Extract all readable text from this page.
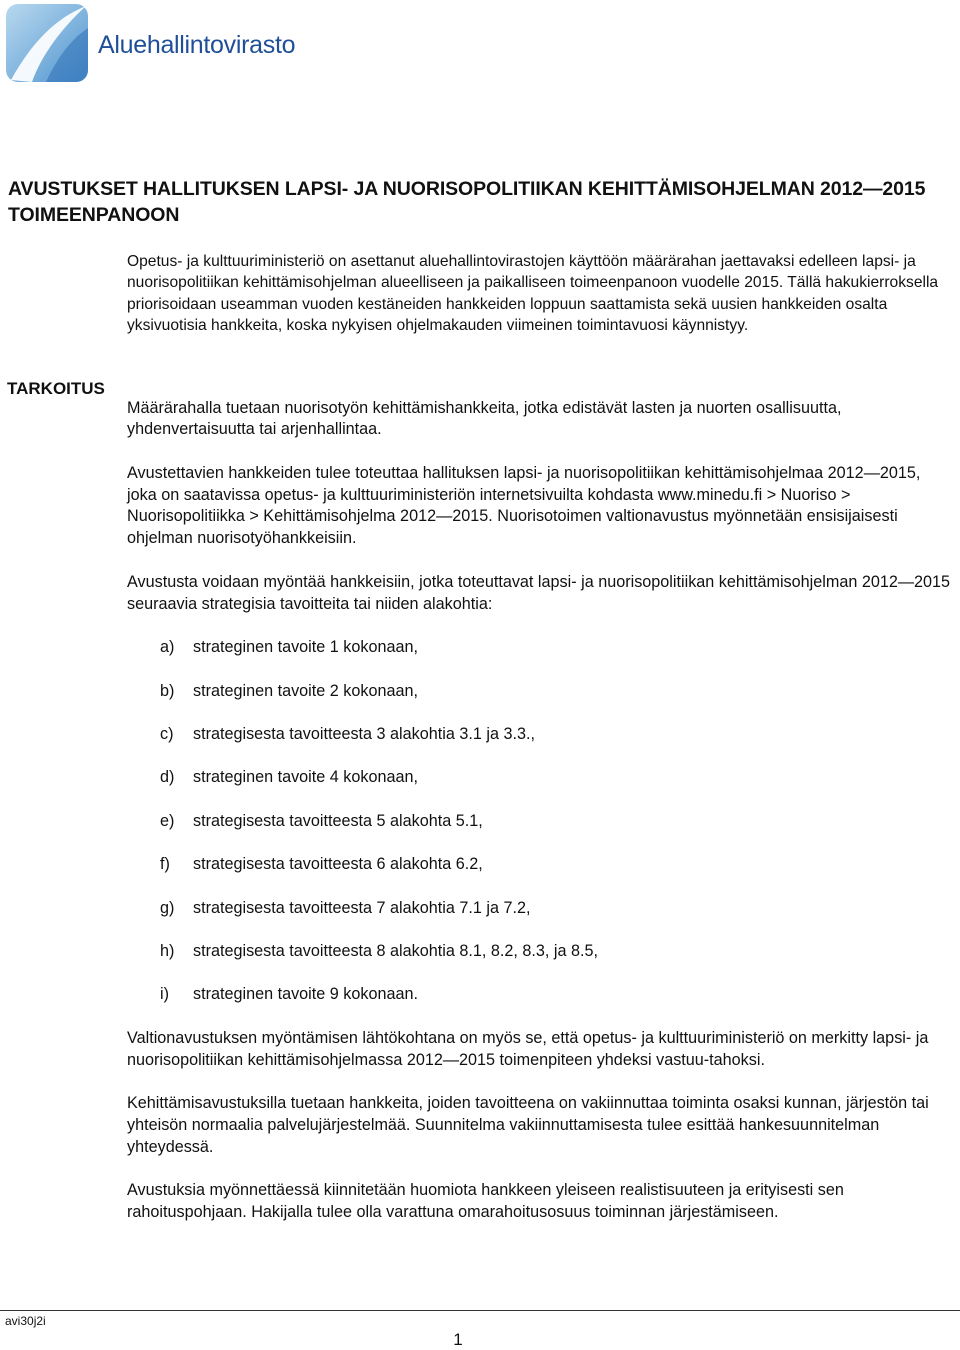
Aluehallintovirasto
AVUSTUKSET HALLITUKSEN LAPSI- JA NUORISOPOLITIIKAN KEHITTÄMISOHJELMAN 2012—2015 TOIMEENPANOON
TARKOITUS

Opetus- ja kulttuuriministeriö on asettanut aluehallintovirastojen käyttöön määrärahan jaettavaksi edelleen lapsi- ja nuorisopolitiikan kehittämisohjelman alueelliseen ja paikalliseen toimeenpanoon vuodelle 2015. Tällä hakukierroksella priorisoidaan useamman vuoden kestäneiden hankkeiden loppuun saattamista sekä uusien hankkeiden osalta yksivuotisia hankkeita, koska nykyisen ohjelmakauden viimeinen toimintavuosi käynnistyy.

Määrärahalla tuetaan nuorisotyön kehittämishankkeita, jotka edistävät lasten ja nuorten osallisuutta, yhdenvertaisuutta tai arjenhallintaa.

Avustettavien hankkeiden tulee toteuttaa hallituksen lapsi- ja nuorisopolitiikan kehittämisohjelmaa 2012—2015, joka on saatavissa opetus- ja kulttuuriministeriön internetsivuilta kohdasta www.minedu.fi > Nuoriso > Nuorisopolitiikka > Kehittämisohjelma 2012—2015. Nuorisotoimen valtionavustus myönnetään ensisijaisesti ohjelman nuorisotyöhankkeisiin.

Avustusta voidaan myöntää hankkeisiin, jotka toteuttavat lapsi- ja nuorisopolitiikan kehittämisohjelman 2012—2015 seuraavia strategisia tavoitteita tai niiden alakohtia:

a) strateginen tavoite 1 kokonaan,
b) strateginen tavoite 2 kokonaan,
c) strategisesta tavoitteesta 3 alakohtia 3.1 ja 3.3.,
d) strateginen tavoite 4 kokonaan,
e) strategisesta tavoitteesta 5 alakohta 5.1,
f) strategisesta tavoitteesta 6 alakohta 6.2,
g) strategisesta tavoitteesta 7 alakohtia 7.1 ja 7.2,
h) strategisesta tavoitteesta 8 alakohtia 8.1, 8.2, 8.3, ja 8.5,
i) strateginen tavoite 9 kokonaan.

Valtionavustuksen myöntämisen lähtökohtana on myös se, että opetus- ja kulttuuriministeriö on merkitty lapsi- ja nuorisopolitiikan kehittämisohjelmassa 2012—2015 toimenpiteen yhdeksi vastuu-tahoksi.

Kehittämisavustuksilla tuetaan hankkeita, joiden tavoitteena on vakiinnuttaa toiminta osaksi kunnan, järjestön tai yhteisön normaalia palvelujärjestelmää. Suunnitelma vakiinnuttamisesta tulee esittää hankesuunnitelman yhteydessä.

Avustuksia myönnettäessä kiinnitetään huomiota hankkeen yleiseen realistisuuteen ja erityisesti sen rahoituspohjaan. Hakijalla tulee olla varattuna omarahoitusosuus toiminnan järjestämiseen.

avi30j2i
1
